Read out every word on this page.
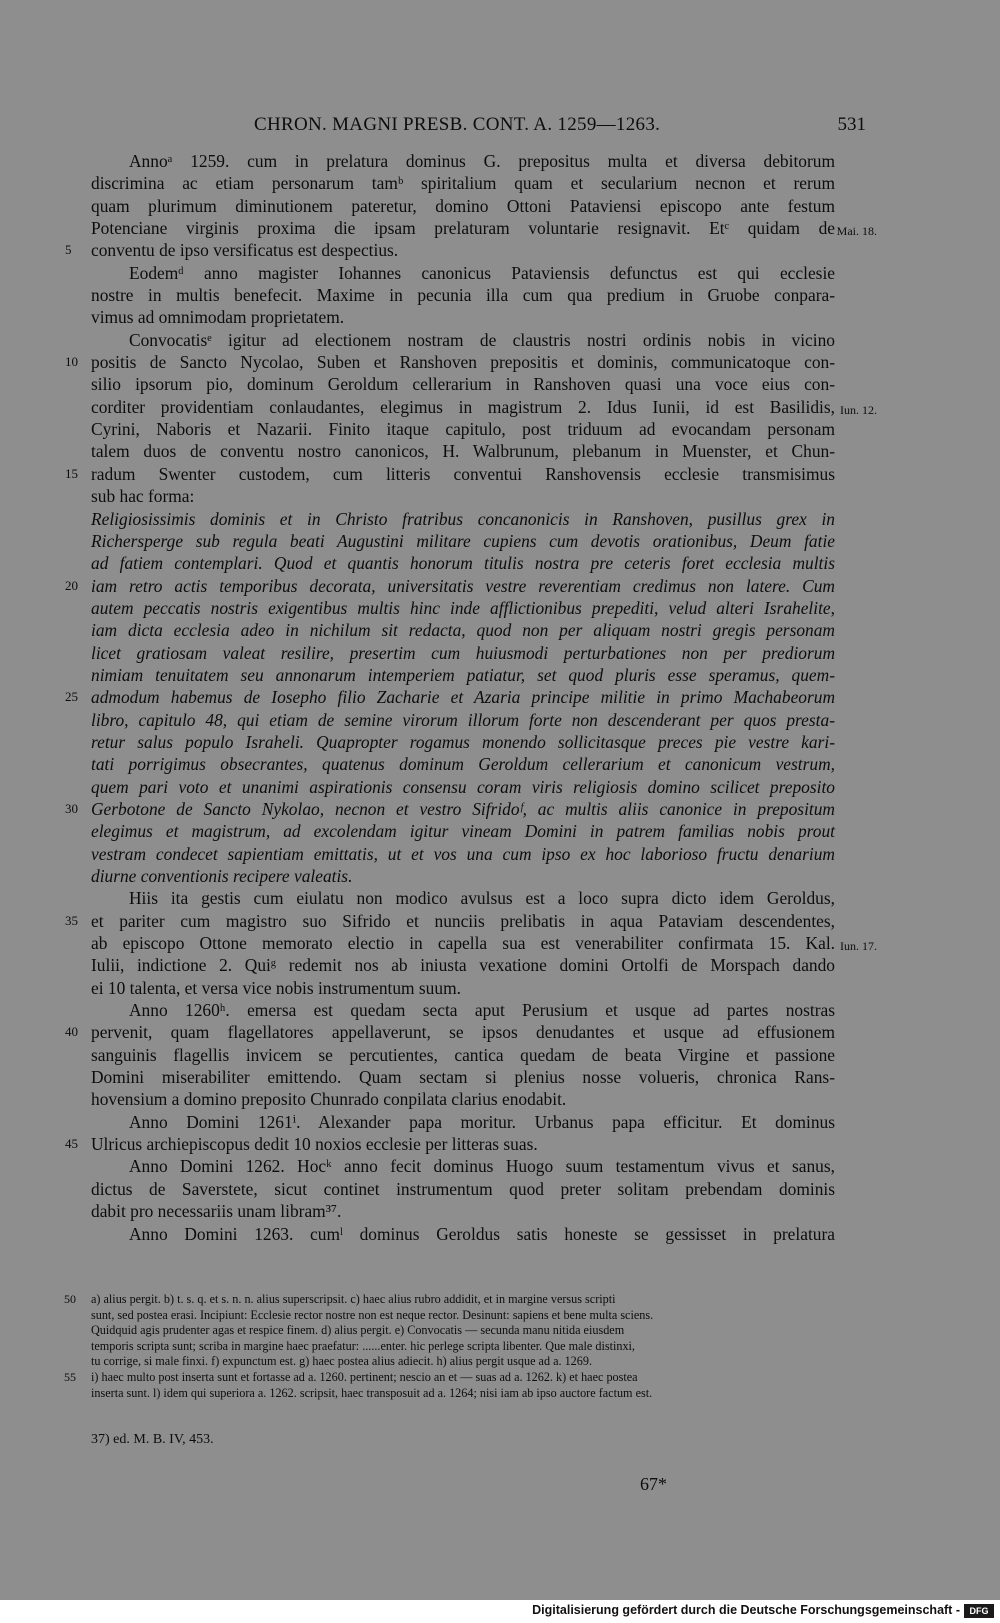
CHRON. MAGNI PRESB. CONT. A. 1259—1263.	531
Annoᵃ 1259. cum in prelatura dominus G. prepositus multa et diversa debitorum
discrimina ac etiam personarum tamᵇ spiritalium quam et secularium necnon et rerum
quam plurimum diminutionem pateretur, domino Ottoni Pataviensi episcopo ante festum
Potenciane virginis proxima die ipsam prelaturam voluntarie resignavit. Etᶜ quidam de Mai. 18.
conventu de ipso versificatus est despectius.
5
Eodemᵈ anno magister Iohannes canonicus Pataviensis defunctus est qui ecclesie
nostre in multis benefecit. Maxime in pecunia illa cum qua predium in Gruobe conpara-
vimus ad omnimodam proprietatem.
Convocatisᵉ igitur ad electionem nostram de claustris nostri ordinis nobis in vicino
positis de Sancto Nycolao, Suben et Ranshoven prepositis et dominis, communicatoque con-
10
silio ipsorum pio, dominum Geroldum cellerarium in Ranshoven quasi una voce eius con-
corditer providentiam conlaudantes, elegimus in magistrum 2. Idus Iunii, id est Basilidis, Iun. 12.
Cyrini, Naboris et Nazarii. Finito itaque capitulo, post triduum ad evocandam personam
talem duos de conventu nostro canonicos, H. Walbrunum, plebanum in Muenster, et Chun-
radum Swenter custodem, cum litteris conventui Ranshovensis ecclesie transmisimus
15
sub hac forma:
Religiosissimis dominis et in Christo fratribus concanonicis in Ranshoven, pusillus grex in
Richersperge sub regula beati Augustini militare cupiens cum devotis orationibus, Deum fatie
ad fatiem contemplari. Quod et quantis honorum titulis nostra pre ceteris foret ecclesia multis
iam retro actis temporibus decorata, universitatis vestre reverentiam credimus non latere. Cum
20
autem peccatis nostris exigentibus multis hinc inde afflictionibus prepediti, velud alteri Israhelite,
iam dicta ecclesia adeo in nichilum sit redacta, quod non per aliquam nostri gregis personam
licet gratiosam valeat resilire, presertim cum huiusmodi perturbationes non per prediorum
nimiam tenuitatem seu annonarum intemperiem patiatur, set quod pluris esse speramus, quem-
admodum habemus de Iosepho filio Zacharie et Azaria principe militie in primo Machabeorum
25
libro, capitulo 48, qui etiam de semine virorum illorum forte non descenderant per quos presta-
retur salus populo Israheli. Quapropter rogamus monendo sollicitasque preces pie vestre kari-
tati porrigimus obsecrantes, quatenus dominum Geroldum cellerarium et canonicum vestrum,
quem pari voto et unanimi aspirationis consensu coram viris religiosis domino scilicet preposito
Gerbotone de Sancto Nykolao, necnon et vestro Sifridoᶠ, ac multis aliis canonice in prepositum
30
elegimus et magistrum, ad excolendam igitur vineam Domini in patrem familias nobis prout
vestram condecet sapientiam emittatis, ut et vos una cum ipso ex hoc laborioso fructu denarium
diurne conventionis recipere valeatis.
Hiis ita gestis cum eiulatu non modico avulsus est a loco supra dicto idem Geroldus,
et pariter cum magistro suo Sifrido et nunciis prelibatis in aqua Pataviam descendentes,
35
ab episcopo Ottone memorato electio in capella sua est venerabiliter confirmata 15. Kal. Iun. 17.
Iulii, indictione 2. Quiᵍ redemit nos ab iniusta vexatione domini Ortolfi de Morspach dando
ei 10 talenta, et versa vice nobis instrumentum suum.
Anno 1260ʰ. emersa est quedam secta aput Perusium et usque ad partes nostras
pervenit, quam flagellatores appellaverunt, se ipsos denudantes et usque ad effusionem
40
sanguinis flagellis invicem se percutientes, cantica quedam de beata Virgine et passione
Domini miserabiliter emittendo. Quam sectam si plenius nosse volueris, chronica Rans-
hovensium a domino preposito Chunrado conpilata clarius enodabit.
Anno Domini 1261ⁱ. Alexander papa moritur. Urbanus papa efficitur. Et dominus
Ulricus archiepiscopus dedit 10 noxios ecclesie per litteras suas.
45
Anno Domini 1262. Hocᵏ anno fecit dominus Huogo suum testamentum vivus et sanus,
dictus de Saverstete, sicut continet instrumentum quod preter solitam prebendam dominis
dabit pro necessariis unam libram³⁷.
Anno Domini 1263. cumˡ dominus Geroldus satis honeste se gessisset in prelatura
a) alius pergit. b) t. s. q. et s. n. n. alius superscripsit. c) haec alius rubro addidit, et in margine versus scripti
50
sunt, sed postea erasi. Incipiunt: Ecclesie rector nostre non est neque rector. Desinunt: sapiens et bene multa sciens.
Quidquid agis prudenter agas et respice finem. d) alius pergit. e) Convocatis — secunda manu nitida eiusdem
temporis scripta sunt; scriba in margine haec praefatur: ......enter. hic perlege scripta libenter. Que male distinxi,
tu corrige, si male finxi. f) expunctum est. g) haec postea alius adiecit. h) alius pergit usque ad a. 1269.
i) haec multo post inserta sunt et fortasse ad a. 1260. pertinent; nescio an et — suas ad a. 1262. k) et haec postea
55
inserta sunt. l) idem qui superiora a. 1262. scripsit, haec transposuit ad a. 1264; nisi iam ab ipso auctore factum est.
37) ed. M. B. IV, 453.
67*
Digitalisierung gefördert durch die Deutsche Forschungsgemeinschaft -	DFG
